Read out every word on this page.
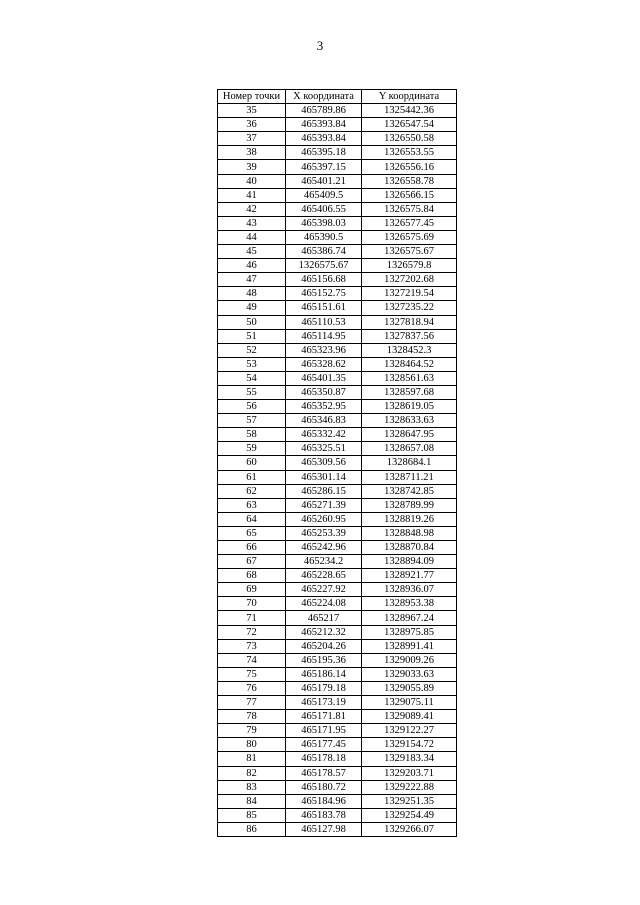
3
Номер точки	X координата	Y координата
35	465789.86	1325442.36
36	465393.84	1326547.54
37	465393.84	1326550.58
38	465395.18	1326553.55
39	465397.15	1326556.16
40	465401.21	1326558.78
41	465409.5	1326566.15
42	465406.55	1326575.84
43	465398.03	1326577.45
44	465390.5	1326575.69
45	465386.74	1326575.67
46	1326575.67	1326579.8
47	465156.68	1327202.68
48	465152.75	1327219.54
49	465151.61	1327235.22
50	465110.53	1327818.94
51	465114.95	1327837.56
52	465323.96	1328452.3
53	465328.62	1328464.52
54	465401.35	1328561.63
55	465350.87	1328597.68
56	465352.95	1328619.05
57	465346.83	1328633.63
58	465332.42	1328647.95
59	465325.51	1328657.08
60	465309.56	1328684.1
61	465301.14	1328711.21
62	465286.15	1328742.85
63	465271.39	1328789.99
64	465260.95	1328819.26
65	465253.39	1328848.98
66	465242.96	1328870.84
67	465234.2	1328894.09
68	465228.65	1328921.77
69	465227.92	1328936.07
70	465224.08	1328953.38
71	465217	1328967.24
72	465212.32	1328975.85
73	465204.26	1328991.41
74	465195.36	1329009.26
75	465186.14	1329033.63
76	465179.18	1329055.89
77	465173.19	1329075.11
78	465171.81	1329089.41
79	465171.95	1329122.27
80	465177.45	1329154.72
81	465178.18	1329183.34
82	465178.57	1329203.71
83	465180.72	1329222.88
84	465184.96	1329251.35
85	465183.78	1329254.49
86	465127.98	1329266.07
